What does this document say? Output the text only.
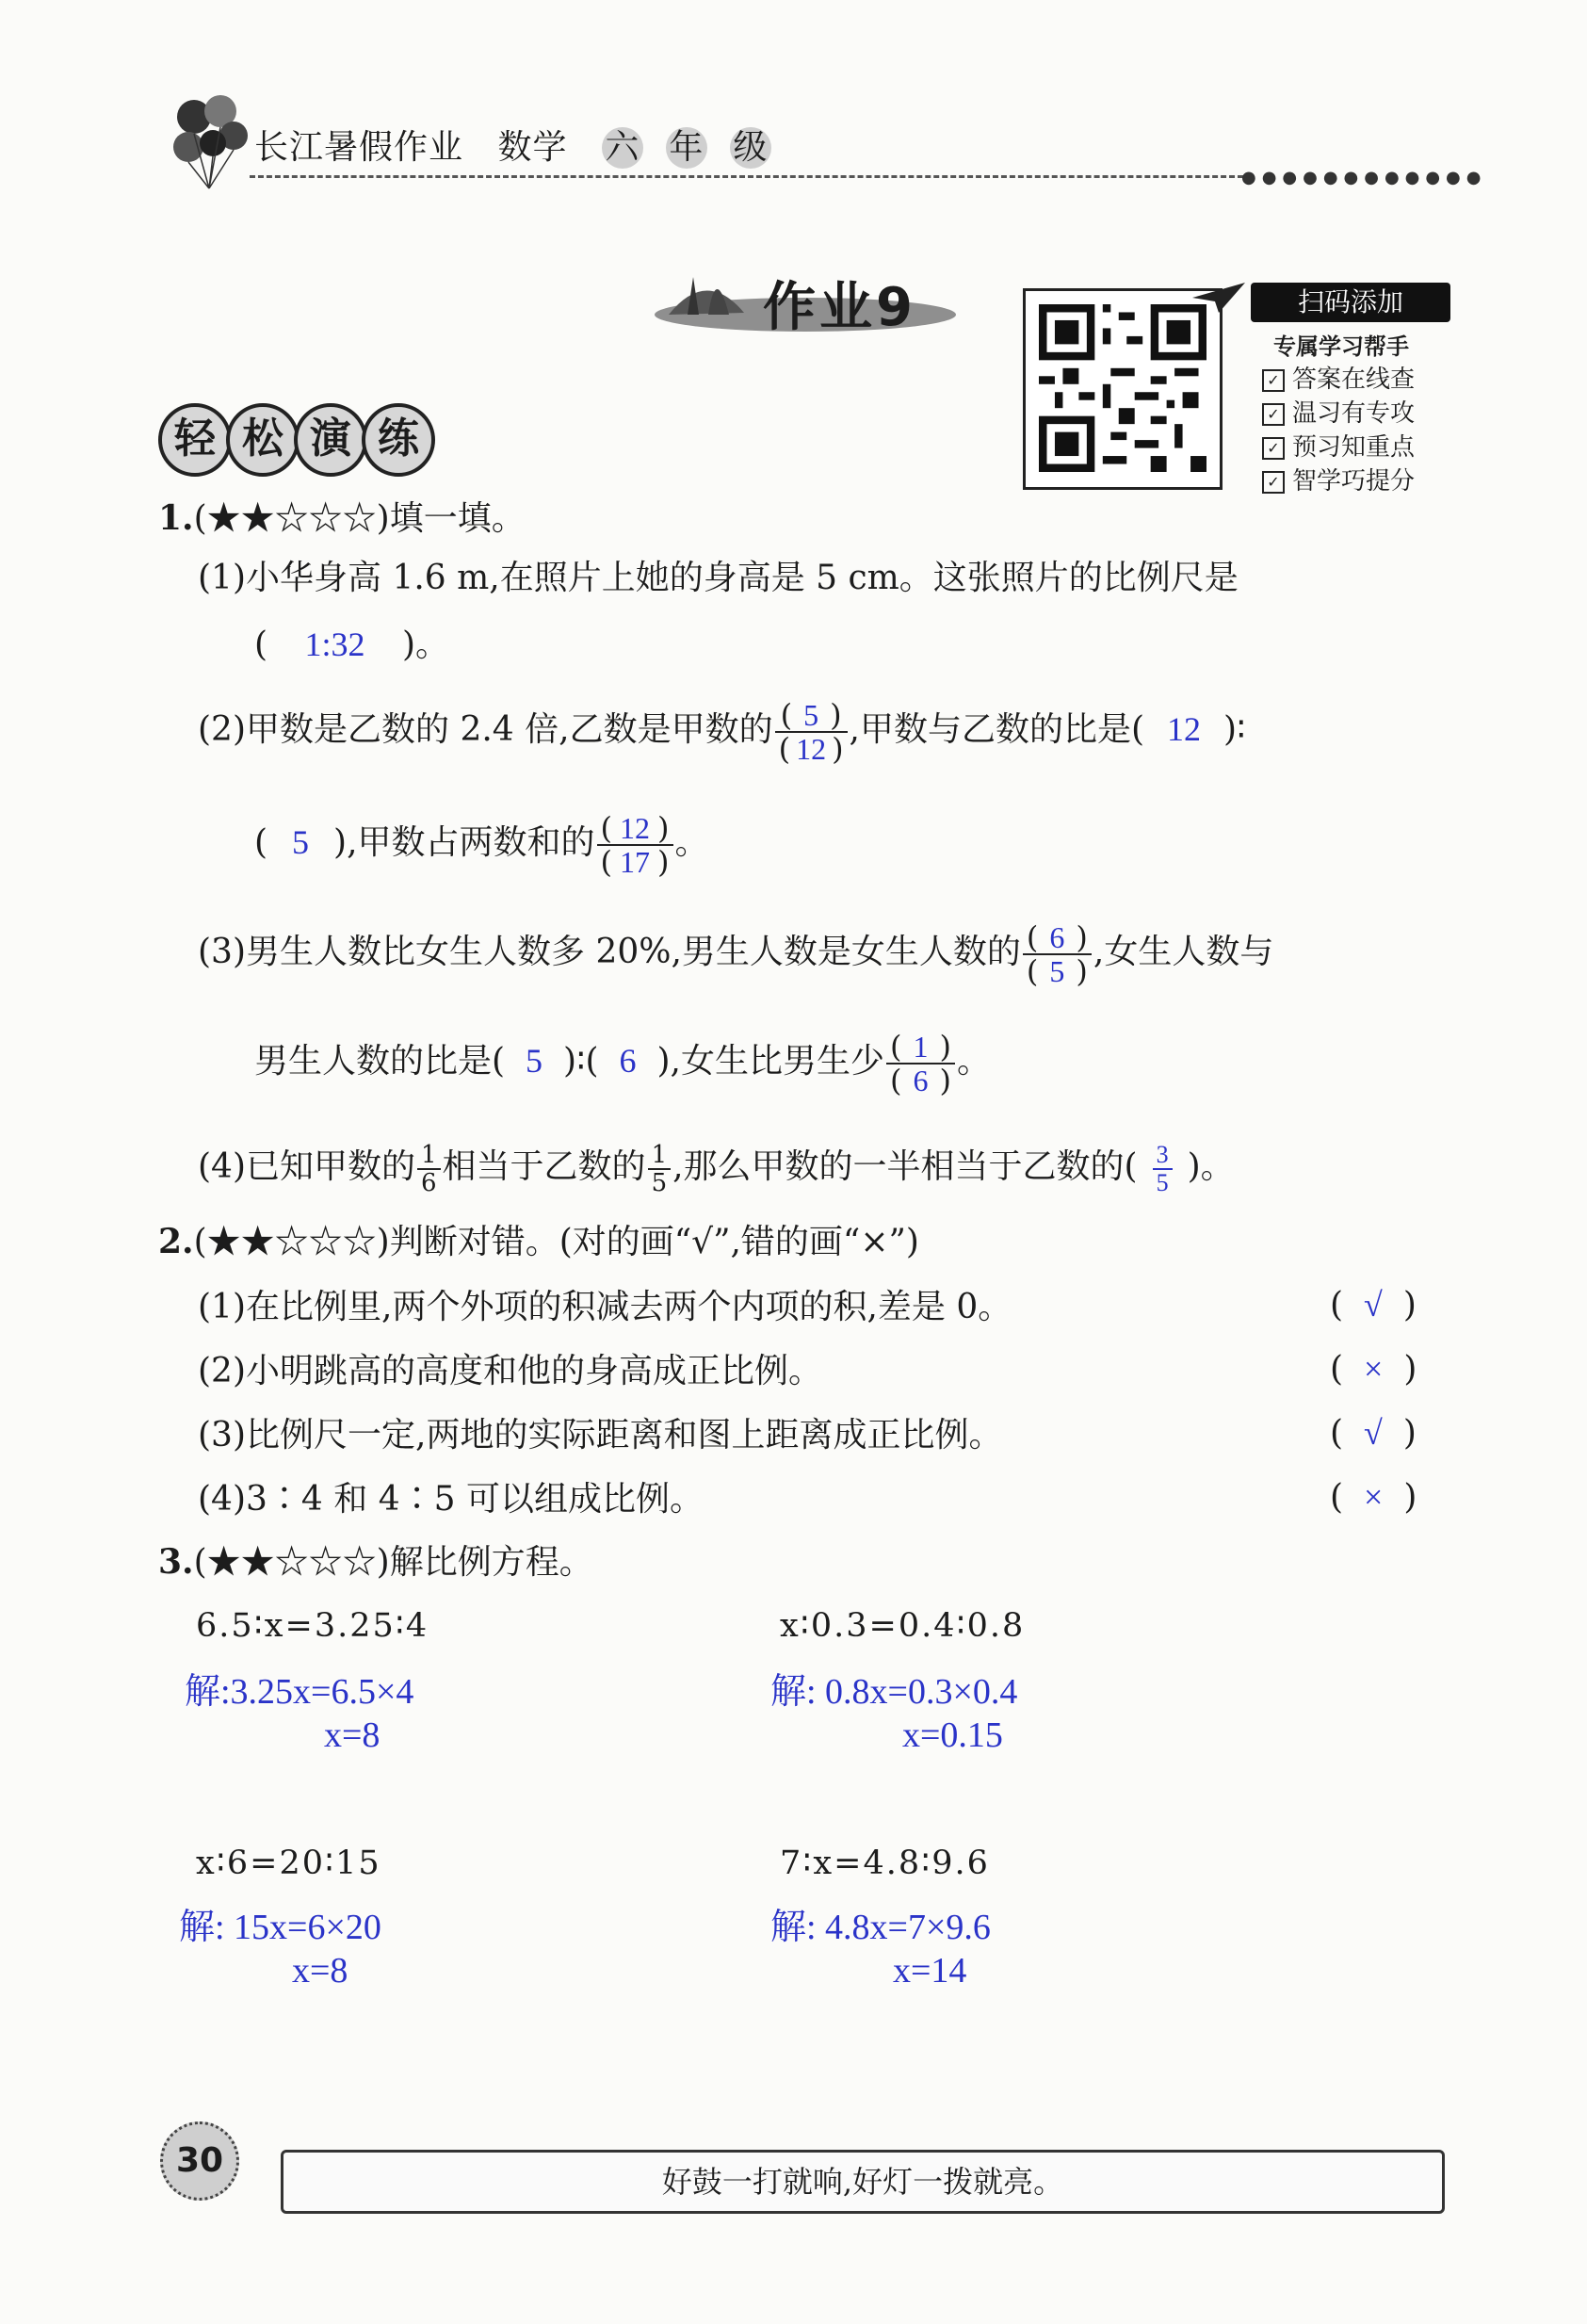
长江暑假作业 数学 六 年 级
●●●●●●●●●●●●
作业9	扫码添加
专属学习帮手
✓ 答案在线查
✓ 温习有专攻
✓ 预习知重点
✓ 智学巧提分
轻 松 演 练
1.(★★☆☆☆)填一填。
(1)小华身高 1.6 m,在照片上她的身高是 5 cm。这张照片的比例尺是
( 1:32 )。
(2)甲数是乙数的 2.4 倍,乙数是甲数的 $\frac{( 5 )}{( 12 )}$ ,甲数与乙数的比是( 12 )∶
( 5 ),甲数占两数和的 $\frac{( 12 )}{( 17 )}$ 。
(3)男生人数比女生人数多 20%,男生人数是女生人数的 $\frac{( 6 )}{( 5 )}$ ,女生人数与
男生人数的比是( 5 )∶( 6 ),女生比男生少 $\frac{( 1 )}{( 6 )}$ 。
(4)已知甲数的 $\frac{1}{6}$ 相当于乙数的 $\frac{1}{5}$ ,那么甲数的一半相当于乙数的( $\frac{3}{5}$ )。
2.(★★☆☆☆)判断对错。(对的画“√”,错的画“×”)
(1)在比例里,两个外项的积减去两个内项的积,差是 0。	( √ )
(2)小明跳高的高度和他的身高成正比例。	( × )
(3)比例尺一定,两地的实际距离和图上距离成正比例。	( √ )
(4)3∶4 和 4∶5 可以组成比例。	( × )
3.(★★☆☆☆)解比例方程。
6.5∶x=3.25∶4
解:3.25x=6.5×4
x=8
x∶0.3=0.4∶0.8
解: 0.8x=0.3×0.4
x=0.15
x∶6=20∶15
解: 15x=6×20
x=8
7∶x=4.8∶9.6
解: 4.8x=7×9.6
x=14
30
好鼓一打就响,好灯一拨就亮。
